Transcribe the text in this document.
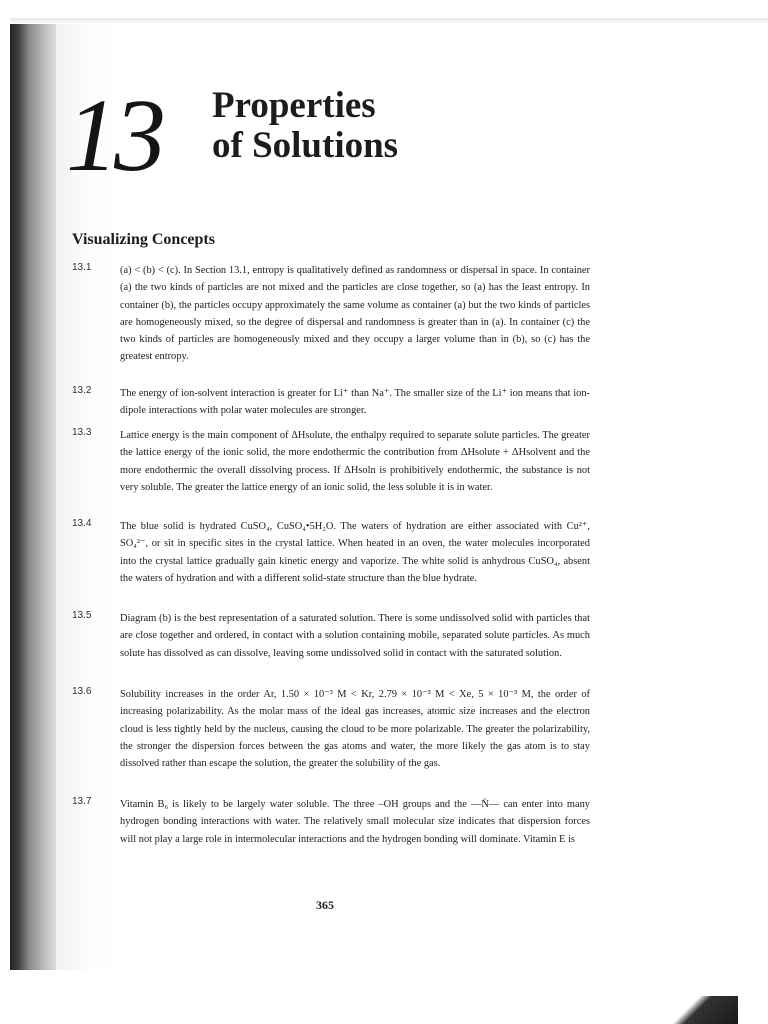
13 Properties
of Solutions
Visualizing Concepts
13.1	(a) < (b) < (c). In Section 13.1, entropy is qualitatively defined as randomness or dispersal in space. In container (a) the two kinds of particles are not mixed and the particles are close together, so (a) has the least entropy. In container (b), the particles occupy approximately the same volume as container (a) but the two kinds of particles are homogeneously mixed, so the degree of dispersal and randomness is greater than in (a). In container (c) the two kinds of particles are homogeneously mixed and they occupy a larger volume than in (b), so (c) has the greatest entropy.

13.2	The energy of ion-solvent interaction is greater for Li⁺ than Na⁺. The smaller size of the Li⁺ ion means that ion-dipole interactions with polar water molecules are stronger.

13.3	Lattice energy is the main component of ΔHsolute, the enthalpy required to separate solute particles. The greater the lattice energy of the ionic solid, the more endothermic the contribution from ΔHsolute + ΔHsolvent and the more endothermic the overall dissolving process. If ΔHsoln is prohibitively endothermic, the substance is not very soluble. The greater the lattice energy of an ionic solid, the less soluble it is in water.

13.4	The blue solid is hydrated CuSO₄, CuSO₄•5H₂O. The waters of hydration are either associated with Cu²⁺, SO₄²⁻, or sit in specific sites in the crystal lattice. When heated in an oven, the water molecules incorporated into the crystal lattice gradually gain kinetic energy and vaporize. The white solid is anhydrous CuSO₄, absent the waters of hydration and with a different solid-state structure than the blue hydrate.

13.5	Diagram (b) is the best representation of a saturated solution. There is some undissolved solid with particles that are close together and ordered, in contact with a solution containing mobile, separated solute particles. As much solute has dissolved as can dissolve, leaving some undissolved solid in contact with the saturated solution.

13.6	Solubility increases in the order Ar, 1.50 × 10⁻³ M < Kr, 2.79 × 10⁻³ M < Xe, 5 × 10⁻³ M, the order of increasing polarizability. As the molar mass of the ideal gas increases, atomic size increases and the electron cloud is less tightly held by the nucleus, causing the cloud to be more polarizable. The greater the polarizability, the stronger the dispersion forces between the gas atoms and water, the more likely the gas atom is to stay dissolved rather than escape the solution, the greater the solubility of the gas.

13.7	Vitamin B₆ is likely to be largely water soluble. The three –OH groups and the —N̈— can enter into many hydrogen bonding interactions with water. The relatively small molecular size indicates that dispersion forces will not play a large role in intermolecular interactions and the hydrogen bonding will dominate. Vitamin E is

365
